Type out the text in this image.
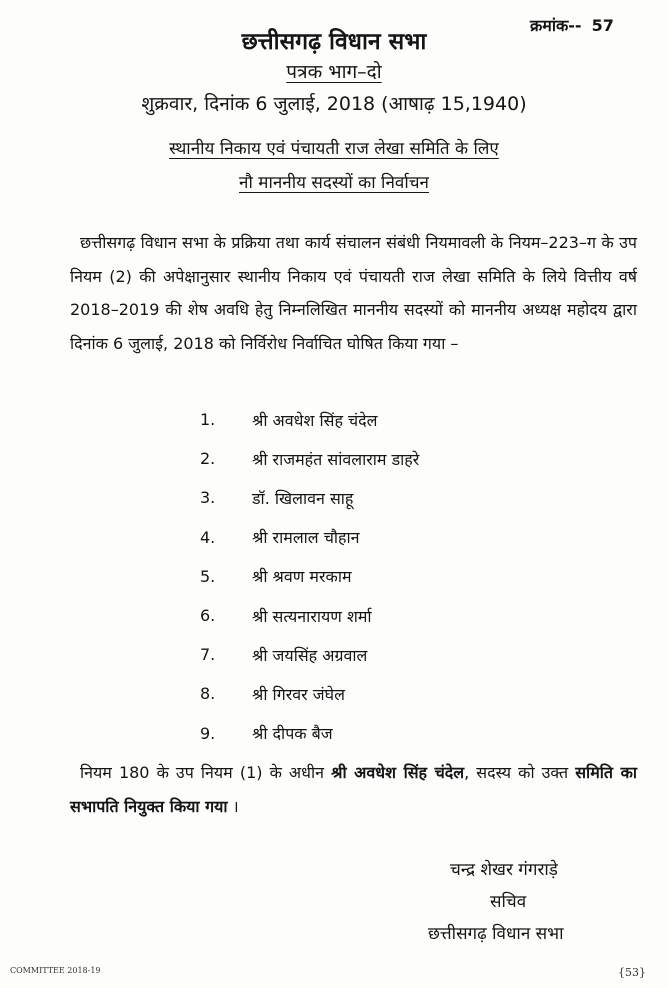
क्रमांक-- 57
छत्तीसगढ़ विधान सभा
पत्रक भाग–दो
शुक्रवार, दिनांक 6 जुलाई, 2018 (आषाढ़ 15,1940)
स्थानीय निकाय एवं पंचायती राज लेखा समिति के लिए
नौ माननीय सदस्यों का निर्वाचन
छत्तीसगढ़ विधान सभा के प्रक्रिया तथा कार्य संचालन संबंधी नियमावली के नियम–223–ग के उप नियम (2) की अपेक्षानुसार स्थानीय निकाय एवं पंचायती राज लेखा समिति के लिये वित्तीय वर्ष 2018–2019 की शेष अवधि हेतु निम्नलिखित माननीय सदस्यों को माननीय अध्यक्ष महोदय द्वारा दिनांक 6 जुलाई, 2018 को निर्विरोध निर्वाचित घोषित किया गया –
1.	श्री अवधेश सिंह चंदेल
2.	श्री राजमहंत सांवलाराम डाहरे
3.	डॉ. खिलावन साहू
4.	श्री रामलाल चौहान
5.	श्री श्रवण मरकाम
6.	श्री सत्यनारायण शर्मा
7.	श्री जयसिंह अग्रवाल
8.	श्री गिरवर जंघेल
9.	श्री दीपक बैज
नियम 180 के उप नियम (1) के अधीन श्री अवधेश सिंह चंदेल, सदस्य को उक्त समिति का सभापति नियुक्त किया गया ।
चन्द्र शेखर गंगराड़े
सचिव
छत्तीसगढ़ विधान सभा
COMMITTEE 2018-19	{53}
